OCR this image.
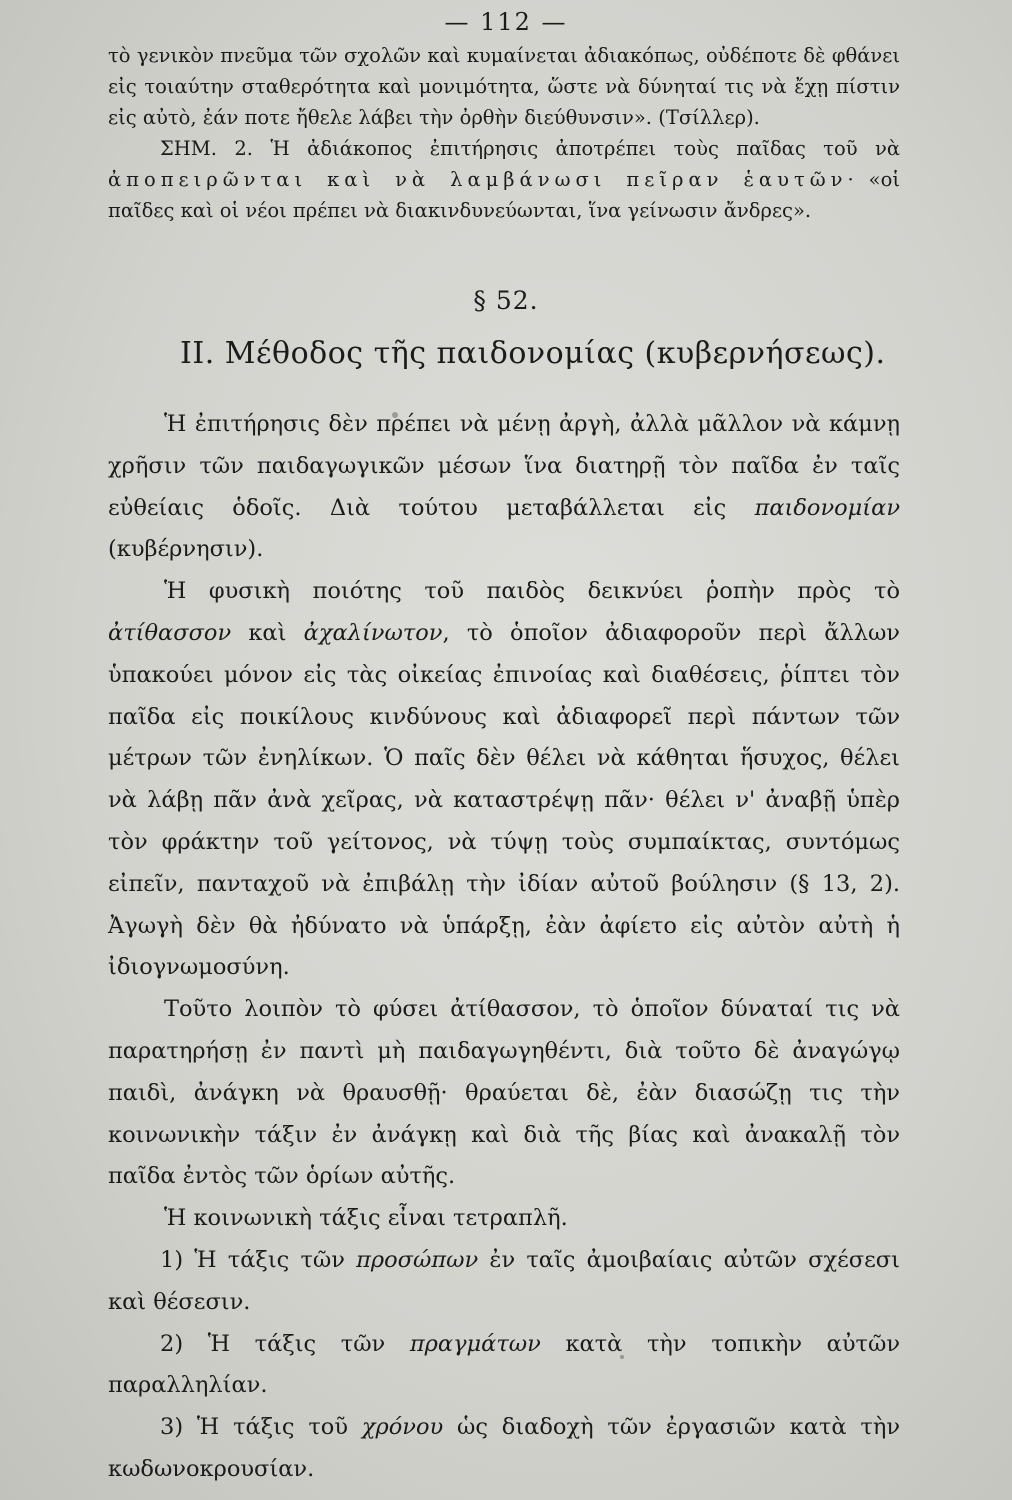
— 112 —

τὸ γενικὸν πνεῦμα τῶν σχολῶν καὶ κυμαίνεται ἀδιακόπως, οὐδέποτε δὲ φθάνει εἰς τοιαύτην σταθερότητα καὶ μονιμότητα, ὥστε νὰ δύνηταί τις νὰ ἔχῃ πίστιν εἰς αὐτὸ, ἐάν ποτε ἤθελε λάβει τὴν ὀρθὴν διεύθυνσιν». (Τσίλλερ).

ΣΗΜ. 2. Ἡ ἀδιάκοπος ἐπιτήρησις ἀποτρέπει τοὺς παῖδας τοῦ νὰ ἀποπειρῶνται καὶ νὰ λαμβάνωσι πεῖραν ἑαυτῶν· «οἱ παῖδες καὶ οἱ νέοι πρέπει νὰ διακινδυνεύωνται, ἵνα γείνωσιν ἄνδρες».

§ 52.
ΙΙ. Μέθοδος τῆς παιδονομίας (κυβερνήσεως).

Ἡ ἐπιτήρησις δὲν πρέπει νὰ μένῃ ἀργὴ, ἀλλὰ μᾶλλον νὰ κάμνῃ χρῆσιν τῶν παιδαγωγικῶν μέσων ἵνα διατηρῇ τὸν παῖδα ἐν ταῖς εὐθείαις ὁδοῖς. Διὰ τούτου μεταβάλλεται εἰς παιδονομίαν (κυβέρνησιν).

Ἡ φυσικὴ ποιότης τοῦ παιδὸς δεικνύει ῥοπὴν πρὸς τὸ ἀτίθασσον καὶ ἀχαλίνωτον, τὸ ὁποῖον ἀδιαφοροῦν περὶ ἄλλων ὑπακούει μόνον εἰς τὰς οἰκείας ἐπινοίας καὶ διαθέσεις, ῥίπτει τὸν παῖδα εἰς ποικίλους κινδύνους καὶ ἀδιαφορεῖ περὶ πάντων τῶν μέτρων τῶν ἐνηλίκων. Ὁ παῖς δὲν θέλει νὰ κάθηται ἥσυχος, θέλει νὰ λάβῃ πᾶν ἀνὰ χεῖρας, νὰ καταστρέψῃ πᾶν· θέλει ν' ἀναβῇ ὑπὲρ τὸν φράκτην τοῦ γείτονος, νὰ τύψῃ τοὺς συμπαίκτας, συντόμως εἰπεῖν, πανταχοῦ νὰ ἐπιβάλῃ τὴν ἰδίαν αὐτοῦ βούλησιν (§ 13, 2). Ἀγωγὴ δὲν θὰ ἠδύνατο νὰ ὑπάρξῃ, ἐὰν ἀφίετο εἰς αὐτὸν αὐτὴ ἡ ἰδιογνωμοσύνη.

Τοῦτο λοιπὸν τὸ φύσει ἀτίθασσον, τὸ ὁποῖον δύναταί τις νὰ παρατηρήσῃ ἐν παντὶ μὴ παιδαγωγηθέντι, διὰ τοῦτο δὲ ἀναγώγῳ παιδὶ, ἀνάγκη νὰ θραυσθῇ· θραύεται δὲ, ἐὰν διασώζῃ τις τὴν κοινωνικὴν τάξιν ἐν ἀνάγκῃ καὶ διὰ τῆς βίας καὶ ἀνακαλῇ τὸν παῖδα ἐντὸς τῶν ὁρίων αὐτῆς.

Ἡ κοινωνικὴ τάξις εἶναι τετραπλῆ.

1) Ἡ τάξις τῶν προσώπων ἐν ταῖς ἀμοιβαίαις αὐτῶν σχέσεσι καὶ θέσεσιν.

2) Ἡ τάξις τῶν πραγμάτων κατὰ τὴν τοπικὴν αὐτῶν παραλληλίαν.

3) Ἡ τάξις τοῦ χρόνου ὡς διαδοχὴ τῶν ἐργασιῶν κατὰ τὴν κωδωνοκρουσίαν.
